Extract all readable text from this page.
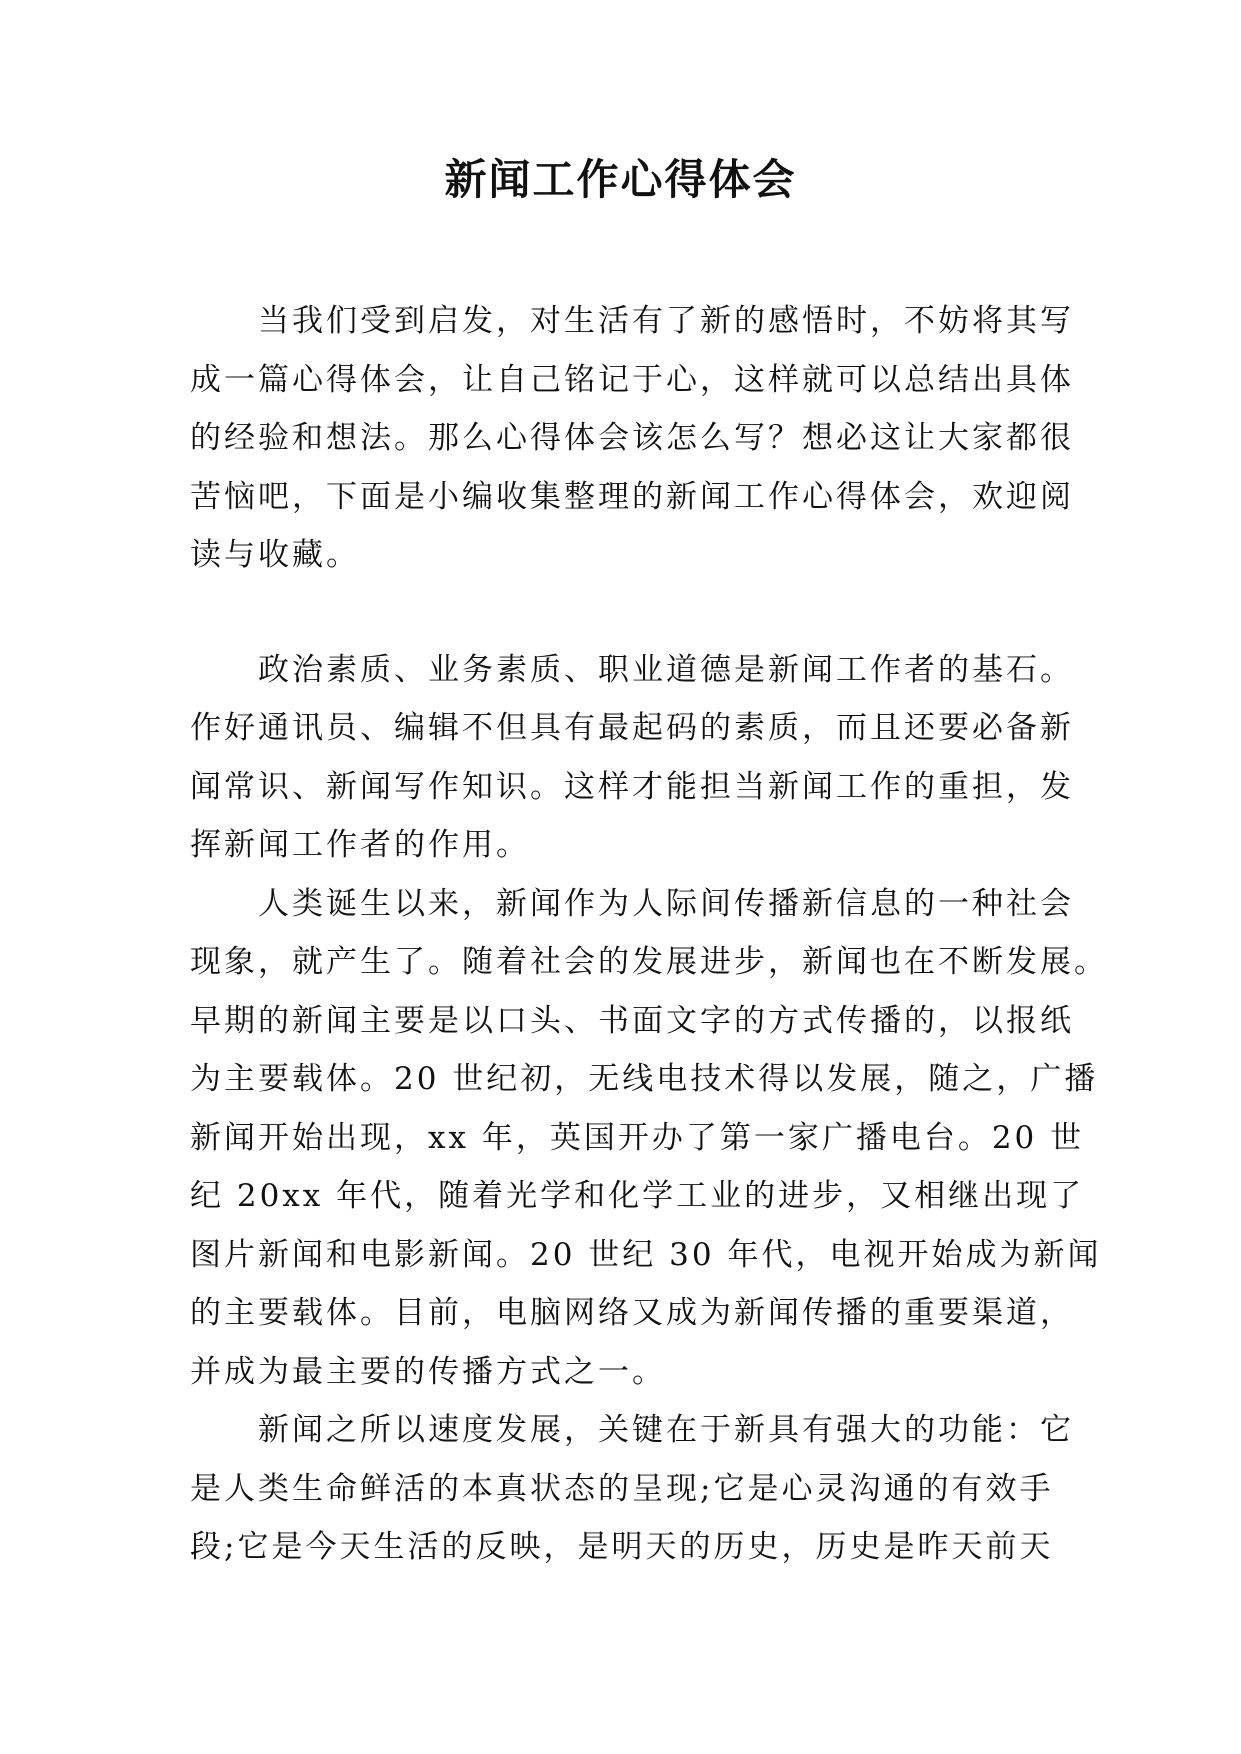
新闻工作心得体会

当我们受到启发，对生活有了新的感悟时，不妨将其写
成一篇心得体会，让自己铭记于心，这样就可以总结出具体
的经验和想法。那么心得体会该怎么写？想必这让大家都很
苦恼吧，下面是小编收集整理的新闻工作心得体会，欢迎阅
读与收藏。

政治素质、业务素质、职业道德是新闻工作者的基石。
作好通讯员、编辑不但具有最起码的素质，而且还要必备新
闻常识、新闻写作知识。这样才能担当新闻工作的重担，发
挥新闻工作者的作用。

人类诞生以来，新闻作为人际间传播新信息的一种社会
现象，就产生了。随着社会的发展进步，新闻也在不断发展。
早期的新闻主要是以口头、书面文字的方式传播的，以报纸
为主要载体。20 世纪初，无线电技术得以发展，随之，广播
新闻开始出现，xx 年，英国开办了第一家广播电台。20 世
纪 20xx 年代，随着光学和化学工业的进步，又相继出现了
图片新闻和电影新闻。20 世纪 30 年代，电视开始成为新闻
的主要载体。目前，电脑网络又成为新闻传播的重要渠道，
并成为最主要的传播方式之一。

新闻之所以速度发展，关键在于新具有强大的功能：它
是人类生命鲜活的本真状态的呈现;它是心灵沟通的有效手
段;它是今天生活的反映，是明天的历史，历史是昨天前天
